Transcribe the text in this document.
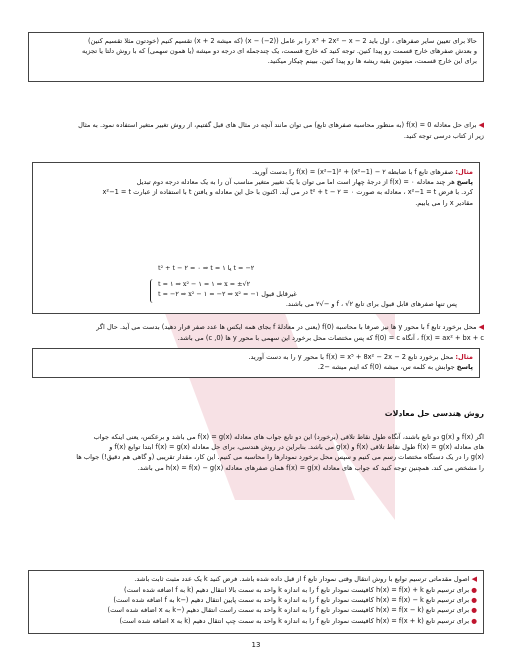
حالا برای تعیین سایر صفرهای ، اول باید x³ + 2x² − x − 2 را بر عامل (x − (−2)) (که میشه x + 2) تقسیم کنیم (خودتون مثلا تقسیم کنین)

و بعدش صفرهای خارج قسمت رو پیدا کنین. توجه کنید که خارج قسمت، یک چندجمله ای درجه دو میشه (یا همون سهمی) که با روش دلتا یا تجزیه

برای این خارج قسمت، میتونین بقیه ریشه ها رو پیدا کنین. ببینم چیکار میکنید.

◀ برای حل معادله f(x) = 0 (به منظور محاسبه صفرهای تابع) می توان مانند آنچه در مثال های قبل گفتیم، از روش تغییر متغیر استفاده نمود. به مثال
زیر از کتاب درسی توجه کنید.
مثال: صفرهای تابع f با ضابطه f(x) = (x²−1)² + (x²−1) − ۲ را بدست آورید.
پاسخ هر چند معادله f(x) = ۰ از درجۀ چهار است اما می توان با یک تغییر متغیر مناسب آن را به یک معادله درجه دوم تبدیل
کرد. با فرض x²−1 = t ، معادله به صورت t² + t − ۲ = ۰ در می آید. اکنون با حل این معادله و یافتن t با استفاده از عبارت x²−1 = t
مقادیر x را می یابیم.
پس تنها صفرهای قابل قبول برای تابع f ، √۲ و −√۲ می باشند.
t² + t − ۲ = ۰ ⇒ t = ۱ یا t = −۲
t = ۱ ⇒ x² − ۱ = ۱ ⇒ x = ±√۲
t = −۲ ⇒ x² − ۱ = −۲ ⇒ x² = −۱ غیرقابل قبول
◀ محل برخورد تابع f با محور y ها نیز صرفا با محاسبه f(0) (یعنی در معادلهٔ f بجای همه ایکس ها عدد صفر قرار دهید) بدست می آید. حال اگر
f(x) = ax² + bx + c ، آنگاه f(0) = c که پس مختصات محل برخورد این سهمی با محور y ها (0, c) می باشد.
مثال: محل برخورد تابع f(x) = x⁵ + 8x² − 2x − 2 با محور y را به دست آورید.
پاسخ جوابش به کلمه س، میشه f(0) که اینم میشه −2.
روش هندسی حل معادلات
اگر f(x) و g(x) دو تابع باشند، آنگاه طول نقاط تلاقی (برخورد) این دو تابع جواب های معادله f(x) = g(x) می باشد و برعکس، یعنی اینکه جواب
های معادله f(x) = g(x) طول نقاط تلاقی f(x) و g(x) می باشد. بنابراین در روش هندسی، برای حل معادله f(x) = g(x) ابتدا توابع f(x) و
g(x) را در یک دستگاه مختصات رسم می کنیم و سپس محل برخورد نمودارها را محاسبه می کنیم. این کار، مقدار تقریبی (و گاهی هم دقیق!) جواب ها
را مشخص می کند. همچنین توجه کنید که جواب های معادله f(x) = g(x) همان صفرهای معادله h(x) = f(x) − g(x) می باشد.
◀ اصول مقدماتی ترسیم توابع با روش انتقال وقتی نمودار تابع f از قبل داده شده باشد. فرض کنید k یک عدد مثبت ثابت باشد.
● برای ترسیم تابع h(x) = f(x) + k کافیست نمودار تابع f را به اندازه k واحد به سمت بالا انتقال دهیم (k به f اضافه شده است)
● برای ترسیم تابع h(x) = f(x) − k کافیست نمودار تابع f را به اندازه k واحد به سمت پایین انتقال دهیم (−k به f اضافه شده است)
● برای ترسیم تابع h(x) = f(x − k) کافیست نمودار تابع f را به اندازه k واحد به سمت راست انتقال دهیم (−k به x اضافه شده است)
● برای ترسیم تابع h(x) = f(x + k) کافیست نمودار تابع f را به اندازه k واحد به سمت چپ انتقال دهیم (k به x اضافه شده است)
13
